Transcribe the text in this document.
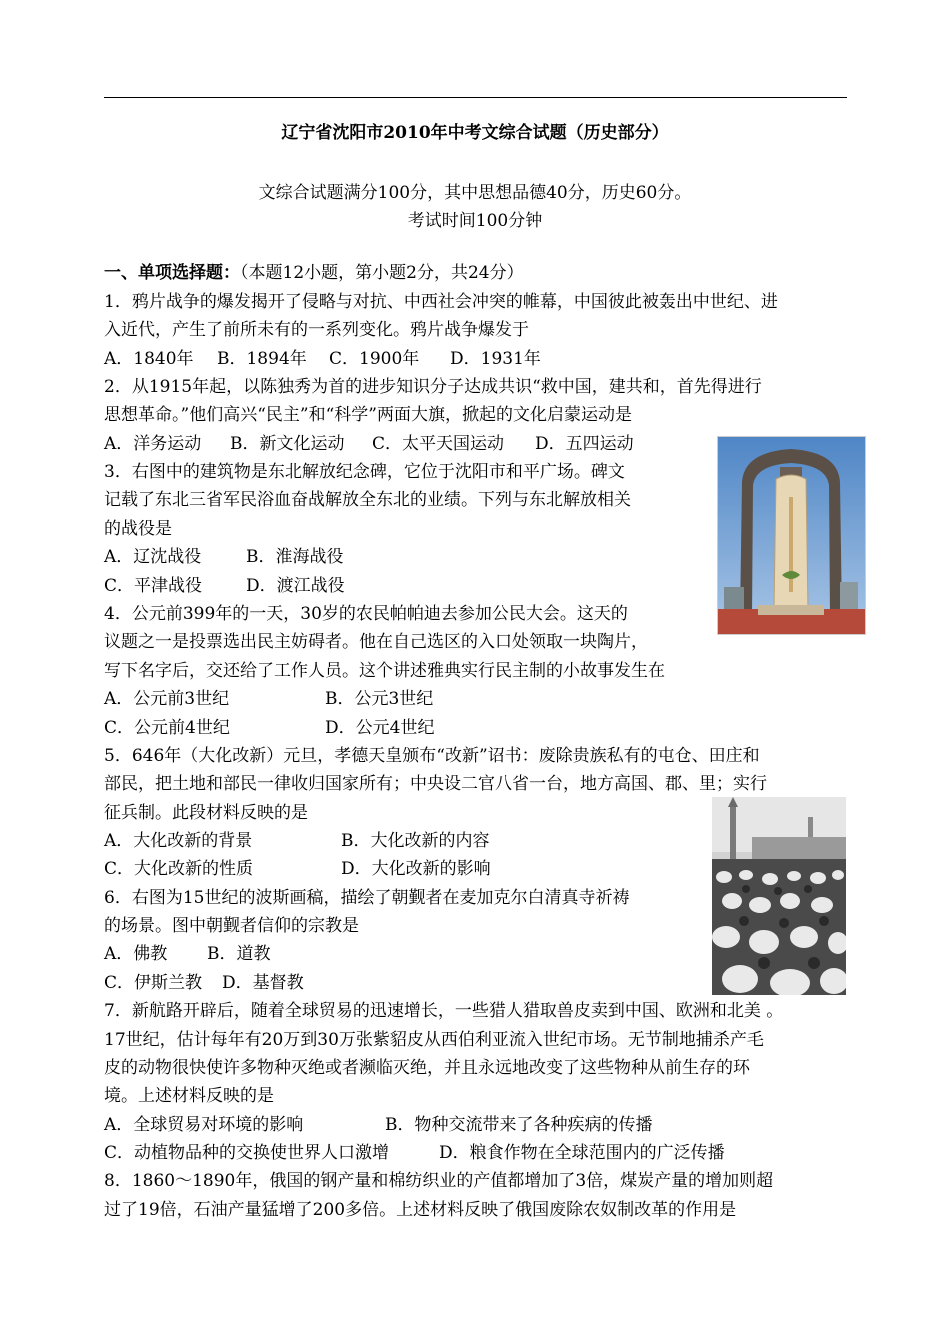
辽宁省沈阳市2010年中考文综合试题（历史部分）
文综合试题满分100分，其中思想品德40分，历史60分。
考试时间100分钟
一、单项选择题：（本题12小题，第小题2分，共24分）
1．鸦片战争的爆发揭开了侵略与对抗、中西社会冲突的帷幕，中国彼此被轰出中世纪、进
入近代，产生了前所未有的一系列变化。鸦片战争爆发于
A．1840年 B．1894年 C．1900年 D．1931年
2．从1915年起，以陈独秀为首的进步知识分子达成共识“救中国，建共和，首先得进行
思想革命。”他们高兴“民主”和“科学”两面大旗，掀起的文化启蒙运动是
A．洋务运动 B．新文化运动 C．太平天国运动 D．五四运动
3．右图中的建筑物是东北解放纪念碑，它位于沈阳市和平广场。碑文
记载了东北三省军民浴血奋战解放全东北的业绩。下列与东北解放相关
的战役是
A．辽沈战役	B．淮海战役
C．平津战役	D．渡江战役
4．公元前399年的一天，30岁的农民帕帕迪去参加公民大会。这天的
议题之一是投票选出民主妨碍者。他在自己选区的入口处领取一块陶片，
写下名字后，交还给了工作人员。这个讲述雅典实行民主制的小故事发生在
A．公元前3世纪	B．公元3世纪
C．公元前4世纪	D．公元4世纪
5．646年（大化改新）元旦，孝德天皇颁布“改新”诏书：废除贵族私有的屯仓、田庄和
部民，把土地和部民一律收归国家所有；中央设二官八省一台，地方高国、郡、里；实行
征兵制。此段材料反映的是
A．大化改新的背景	B．大化改新的内容
C．大化改新的性质	D．大化改新的影响
6．右图为15世纪的波斯画稿，描绘了朝觐者在麦加克尔白清真寺祈祷
的场景。图中朝觐者信仰的宗教是
A．佛教 B．道教
C．伊斯兰教 D．基督教
7．新航路开辟后，随着全球贸易的迅速增长，一些猎人猎取兽皮卖到中国、欧洲和北美 。
17世纪，估计每年有20万到30万张紫貂皮从西伯利亚流入世纪市场。无节制地捕杀产毛
皮的动物很快使许多物种灭绝或者濒临灭绝，并且永远地改变了这些物种从前生存的环
境。上述材料反映的是
A．全球贸易对环境的影响	B．物种交流带来了各种疾病的传播
C．动植物品种的交换使世界人口激增	D．粮食作物在全球范围内的广泛传播
8．1860～1890年，俄国的钢产量和棉纺织业的产值都增加了3倍，煤炭产量的增加则超
过了19倍，石油产量猛增了200多倍。上述材料反映了俄国废除农奴制改革的作用是
